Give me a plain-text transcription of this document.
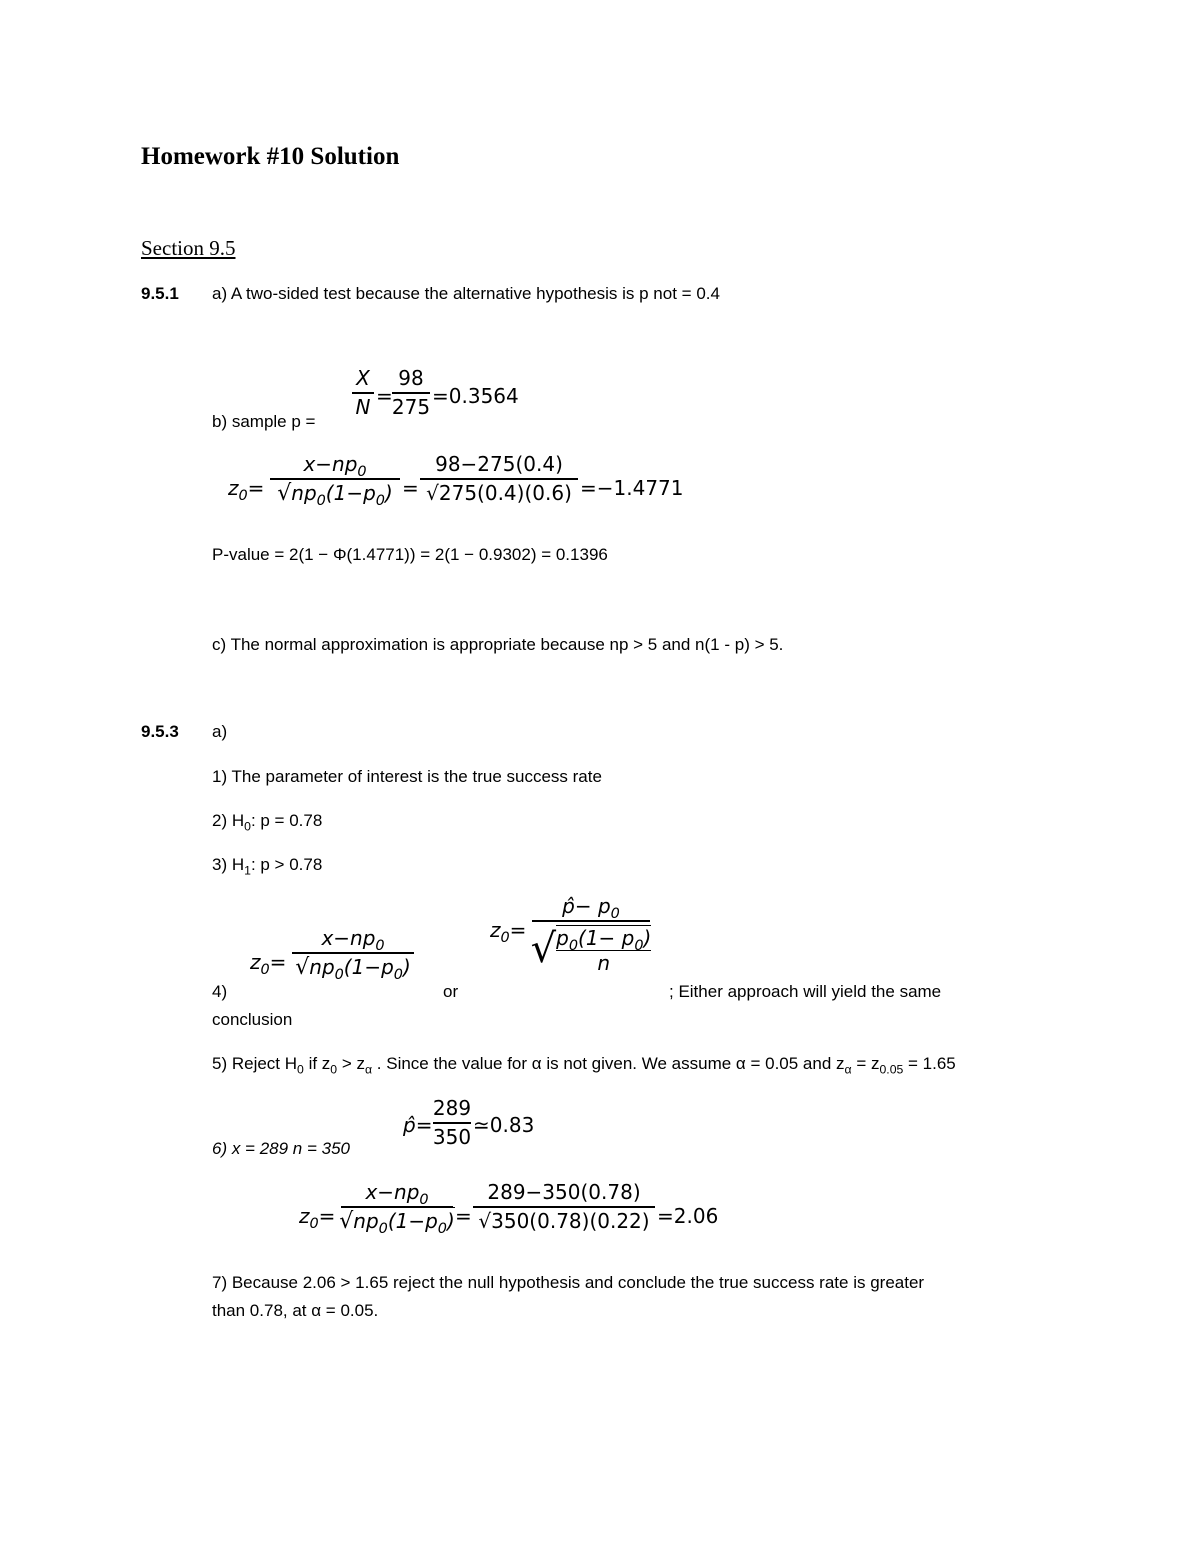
Homework #10 Solution
Section 9.5
9.5.1 a) A two-sided test because the alternative hypothesis is p not = 0.4
b) sample p =
X
N =
98
275 =0.3564
$z_0=$
$x-np_0$
$√np_0(1-p_0)$ =
98−275(0.4)
√275(0.4)(0.6) =−1.4771
P-value = 2(1 − Φ(1.4771)) = 2(1 − 0.9302) = 0.1396
c) The normal approximation is appropriate because np > 5 and n(1 - p) > 5.
9.5.3 a)
1) The parameter of interest is the true success rate
2) $H_0$: p = 0.78
3) $H_1$: p > 0.78
4)
$z_0=$
$x-np_0$
$√np_0(1-p_0)$
or
$z_0=$
p̂− $p_0$
√ $p_0(1- p_0)$
n
; Either approach will yield the same
conclusion
5) Reject $H_0$ if $z_0 > z_\alpha$ . Since the value for α is not given. We assume α = 0.05 and $z_\alpha = z_{0.05} = 1.65$
6) x = 289 n = 350
p̂=
289
350 ≃0.83
$z_0=$
$x-np_0$
$√np_0(1-p_0)$ =
289−350(0.78)
√350(0.78)(0.22) =2.06
7) Because 2.06 > 1.65 reject the null hypothesis and conclude the true success rate is greater
than 0.78, at α = 0.05.
